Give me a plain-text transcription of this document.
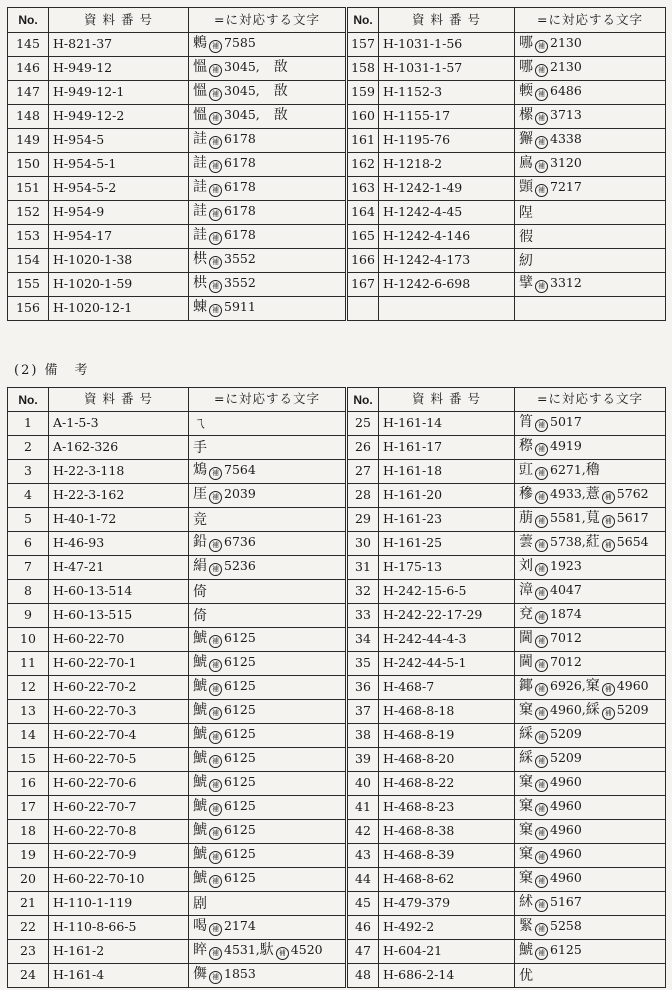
No.	資 料 番 号	=に対応する文字	No.	資 料 番 号	=に対応する文字
145	H-821-37	鶫 補 7585	157	H-1031-1-56	哪 補 2130
146	H-949-12	慍 補 3045,　敔	158	H-1031-1-57	哪 補 2130
147	H-949-12-1	慍 補 3045,　敔	159	H-1152-3	輭 補 6486
148	H-949-12-2	慍 補 3045,　敔	160	H-1155-17	樏 補 3713
149	H-954-5	詿 補 6178	161	H-1195-76	獬 補 4338
150	H-954-5-1	詿 補 6178	162	H-1218-2	鳸 補 3120
151	H-954-5-2	詿 補 6178	163	H-1242-1-49	顗 補 7217
152	H-954-9	詿 補 6178	164	H-1242-4-45	陧
153	H-954-17	詿 補 6178	165	H-1242-4-146	徦
154	H-1020-1-38	栱 補 3552	166	H-1242-4-173	紉
155	H-1020-1-59	栱 補 3552	167	H-1242-6-698	擘 補 3312
156	H-1020-12-1	蝀 補 5911			
(2) 備　考
No.	資 料 番 号	=に対応する文字	No.	資 料 番 号	=に対応する文字
1	A-1-5-3	ㄟ	25	H-161-14	筲 補 5017
2	A-162-326	手	26	H-161-17	穄 補 4919
3	H-22-3-118	鴆 補 7564	27	H-161-18	豇 補 6271,穭
4	H-22-3-162	厓 補 2039	28	H-161-20	穇 補 4933,薏 補 5762
5	H-40-1-72	竞	29	H-161-23	萠 補 5581,萈 補 5617
6	H-46-93	鉛 補 6736	30	H-161-25	蕓 補 5738,葒 補 5654
7	H-47-21	絹 補 5236	31	H-175-13	刘 補 1923
8	H-60-13-514	倚	32	H-242-15-6-5	漳 補 4047
9	H-60-13-515	倚	33	H-242-22-17-29	兗 補 1874
10	H-60-22-70	鯱 補 6125	34	H-242-44-4-3	閫 補 7012
11	H-60-22-70-1	鯱 補 6125	35	H-242-44-5-1	閫 補 7012
12	H-60-22-70-2	鯱 補 6125	36	H-468-7	鎁 補 6926,窠 補 4960
13	H-60-22-70-3	鯱 補 6125	37	H-468-8-18	窠 補 4960,綵 補 5209
14	H-60-22-70-4	鯱 補 6125	38	H-468-8-19	綵 補 5209
15	H-60-22-70-5	鯱 補 6125	39	H-468-8-20	綵 補 5209
16	H-60-22-70-6	鯱 補 6125	40	H-468-8-22	窠 補 4960
17	H-60-22-70-7	鯱 補 6125	41	H-468-8-23	窠 補 4960
18	H-60-22-70-8	鯱 補 6125	42	H-468-8-38	窠 補 4960
19	H-60-22-70-9	鯱 補 6125	43	H-468-8-39	窠 補 4960
20	H-60-22-70-10	鯱 補 6125	44	H-468-8-62	窠 補 4960
21	H-110-1-119	剧	45	H-479-379	絉 補 5167
22	H-110-8-66-5	喝 補 2174	46	H-492-2	緊 補 5258
23	H-161-2	睟 補 4531,馱 補 4520	47	H-604-21	鯱 補 6125
24	H-161-4	儛 補 1853	48	H-686-2-14	优
